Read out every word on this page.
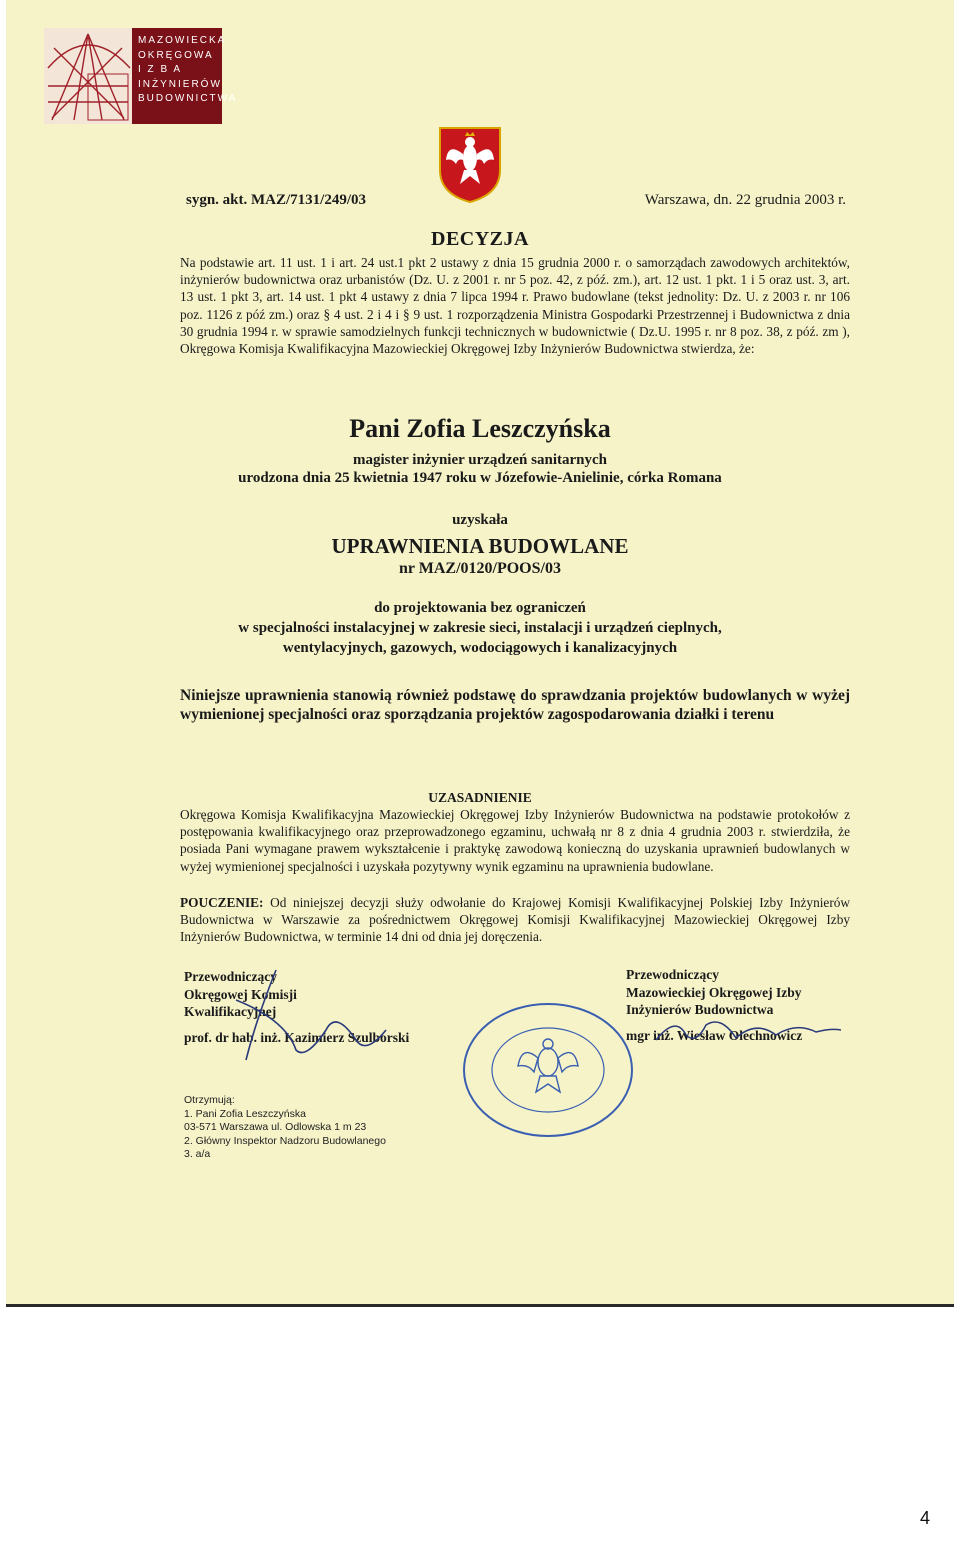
MAZOWIECKA
OKRĘGOWA
I Z B A
INŻYNIERÓW
BUDOWNICTWA
sygn. akt. MAZ/7131/249/03	Warszawa, dn. 22 grudnia 2003 r.
DECYZJA
Na podstawie art. 11 ust. 1 i art. 24 ust.1 pkt 2 ustawy z dnia 15 grudnia 2000 r. o samorządach zawodowych architektów, inżynierów budownictwa oraz urbanistów (Dz. U. z 2001 r. nr 5 poz. 42, z póź. zm.), art. 12 ust. 1 pkt. 1 i 5 oraz ust. 3, art. 13 ust. 1 pkt 3, art. 14 ust. 1 pkt 4 ustawy z dnia 7 lipca 1994 r. Prawo budowlane (tekst jednolity: Dz. U. z 2003 r. nr 106 poz. 1126 z póź zm.) oraz § 4 ust. 2 i 4 i § 9 ust. 1 rozporządzenia Ministra Gospodarki Przestrzennej i Budownictwa z dnia 30 grudnia 1994 r. w sprawie samodzielnych funkcji technicznych w budownictwie ( Dz.U. 1995 r. nr 8 poz. 38, z póź. zm ), Okręgowa Komisja Kwalifikacyjna Mazowieckiej Okręgowej Izby Inżynierów Budownictwa stwierdza, że:
Pani Zofia Leszczyńska
magister inżynier urządzeń sanitarnych
urodzona dnia 25 kwietnia 1947 roku w Józefowie-Anielinie, córka Romana
uzyskała
UPRAWNIENIA BUDOWLANE
nr MAZ/0120/POOS/03
do projektowania bez ograniczeń
w specjalności instalacyjnej w zakresie sieci, instalacji i urządzeń cieplnych,
wentylacyjnych, gazowych, wodociągowych i kanalizacyjnych
Niniejsze uprawnienia stanowią również podstawę do sprawdzania projektów budowlanych w wyżej wymienionej specjalności oraz sporządzania projektów zagospodarowania działki i terenu
UZASADNIENIE
Okręgowa Komisja Kwalifikacyjna Mazowieckiej Okręgowej Izby Inżynierów Budownictwa na podstawie protokołów z postępowania kwalifikacyjnego oraz przeprowadzonego egzaminu, uchwałą nr 8 z dnia 4 grudnia 2003 r. stwierdziła, że posiada Pani wymagane prawem wykształcenie i praktykę zawodową konieczną do uzyskania uprawnień budowlanych w wyżej wymienionej specjalności i uzyskała pozytywny wynik egzaminu na uprawnienia budowlane.
POUCZENIE: Od niniejszej decyzji służy odwołanie do Krajowej Komisji Kwalifikacyjnej Polskiej Izby Inżynierów Budownictwa w Warszawie za pośrednictwem Okręgowej Komisji Kwalifikacyjnej Mazowieckiej Okręgowej Izby Inżynierów Budownictwa, w terminie 14 dni od dnia jej doręczenia.
Przewodniczący
Okręgowej Komisji
Kwalifikacyjnej
prof. dr hab. inż. Kazimierz Szulborski
Przewodniczący
Mazowieckiej Okręgowej Izby
Inżynierów Budownictwa
mgr inż. Wiesław Olechnowicz
Otrzymują:
1. Pani Zofia Leszczyńska
03-571 Warszawa ul. Odlowska 1 m 23
2. Główny Inspektor Nadzoru Budowlanego
3. a/a
4
